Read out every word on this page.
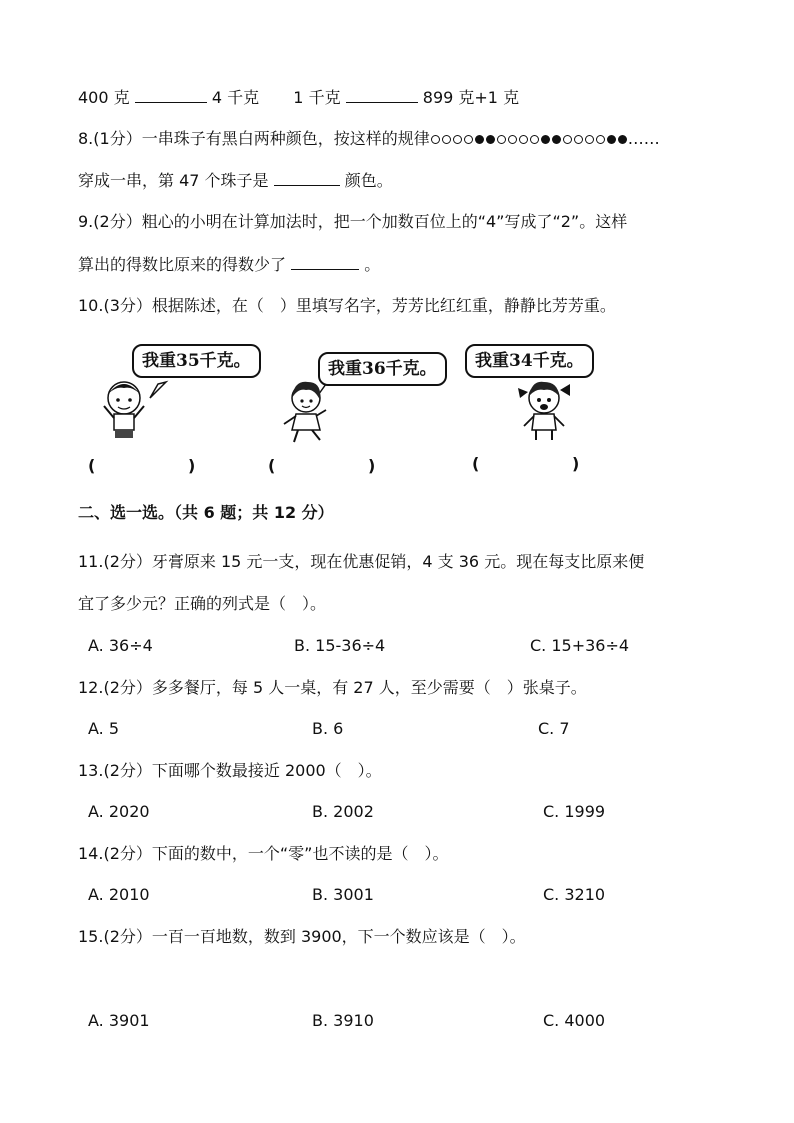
400 克	4 千克 1 千克	899 克+1 克
8.(1分）一串珠子有黑白两种颜色，按这样的规律	……
穿成一串，第 47 个珠子是	颜色。
9.(2分）粗心的小明在计算加法时，把一个加数百位上的“4”写成了“2”。这样
算出的得数比原来的得数少了	。
10.(3分）根据陈述，在（　）里填写名字，芳芳比红红重，静静比芳芳重。
我重35千克。	我重36千克。	我重34千克。
(	)	(	)	(	)
二、选一选。（共 6 题；共 12 分）
11.(2分）牙膏原来 15 元一支，现在优惠促销，4 支 36 元。现在每支比原来便
宜了多少元？正确的列式是（　）。
A. 36÷4	B. 15-36÷4	C. 15+36÷4
12.(2分）多多餐厅，每 5 人一桌，有 27 人，至少需要（　）张桌子。
A. 5	B. 6	C. 7
13.(2分）下面哪个数最接近 2000（　）。
A. 2020	B. 2002	C. 1999
14.(2分）下面的数中，一个“零”也不读的是（　）。
A. 2010	B. 3001	C. 3210
15.(2分）一百一百地数，数到 3900，下一个数应该是（　）。
A. 3901	B. 3910	C. 4000
